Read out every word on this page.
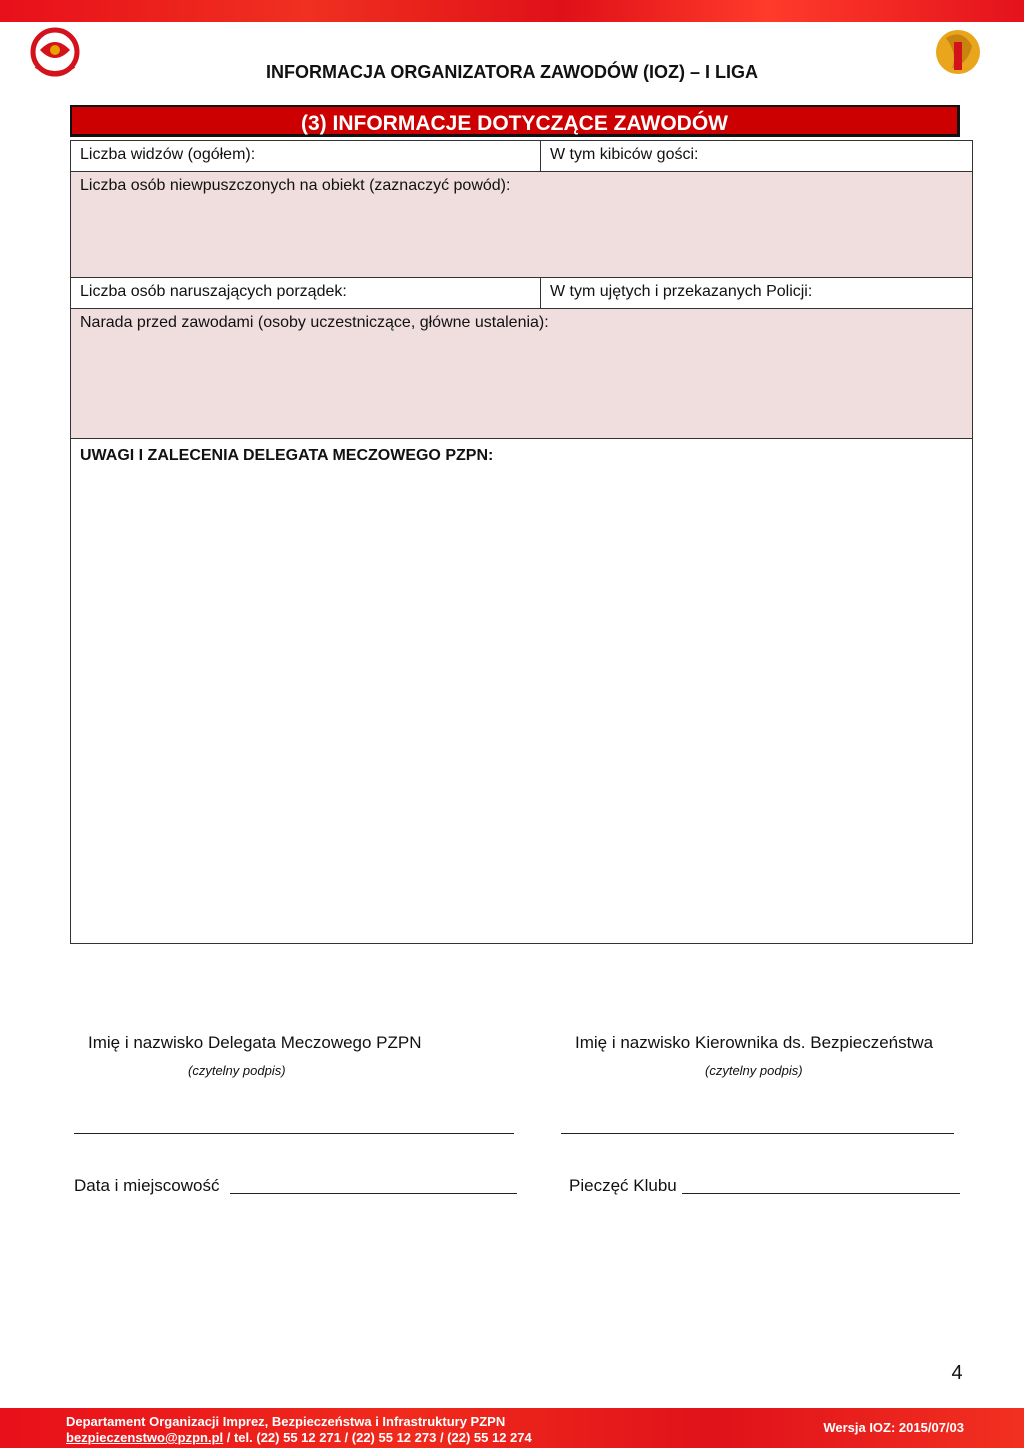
INFORMACJA ORGANIZATORA ZAWODÓW (IOZ) – I LIGA
(3) INFORMACJE DOTYCZĄCE ZAWODÓW
Liczba widzów (ogółem):	W tym kibiców gości:
Liczba osób niewpuszczonych na obiekt (zaznaczyć powód):
Liczba osób naruszających porządek:	W tym ujętych i przekazanych Policji:
Narada przed zawodami (osoby uczestniczące, główne ustalenia):
UWAGI I ZALECENIA DELEGATA MECZOWEGO PZPN:
Imię i nazwisko Delegata Meczowego PZPN
(czytelny podpis)
Imię i nazwisko Kierownika ds. Bezpieczeństwa
(czytelny podpis)
Data i miejscowość	Pieczęć Klubu
4
Departament Organizacji Imprez, Bezpieczeństwa i Infrastruktury PZPN
bezpieczenstwo@pzpn.pl / tel. (22) 55 12 271 / (22) 55 12 273 / (22) 55 12 274
Wersja IOZ: 2015/07/03
